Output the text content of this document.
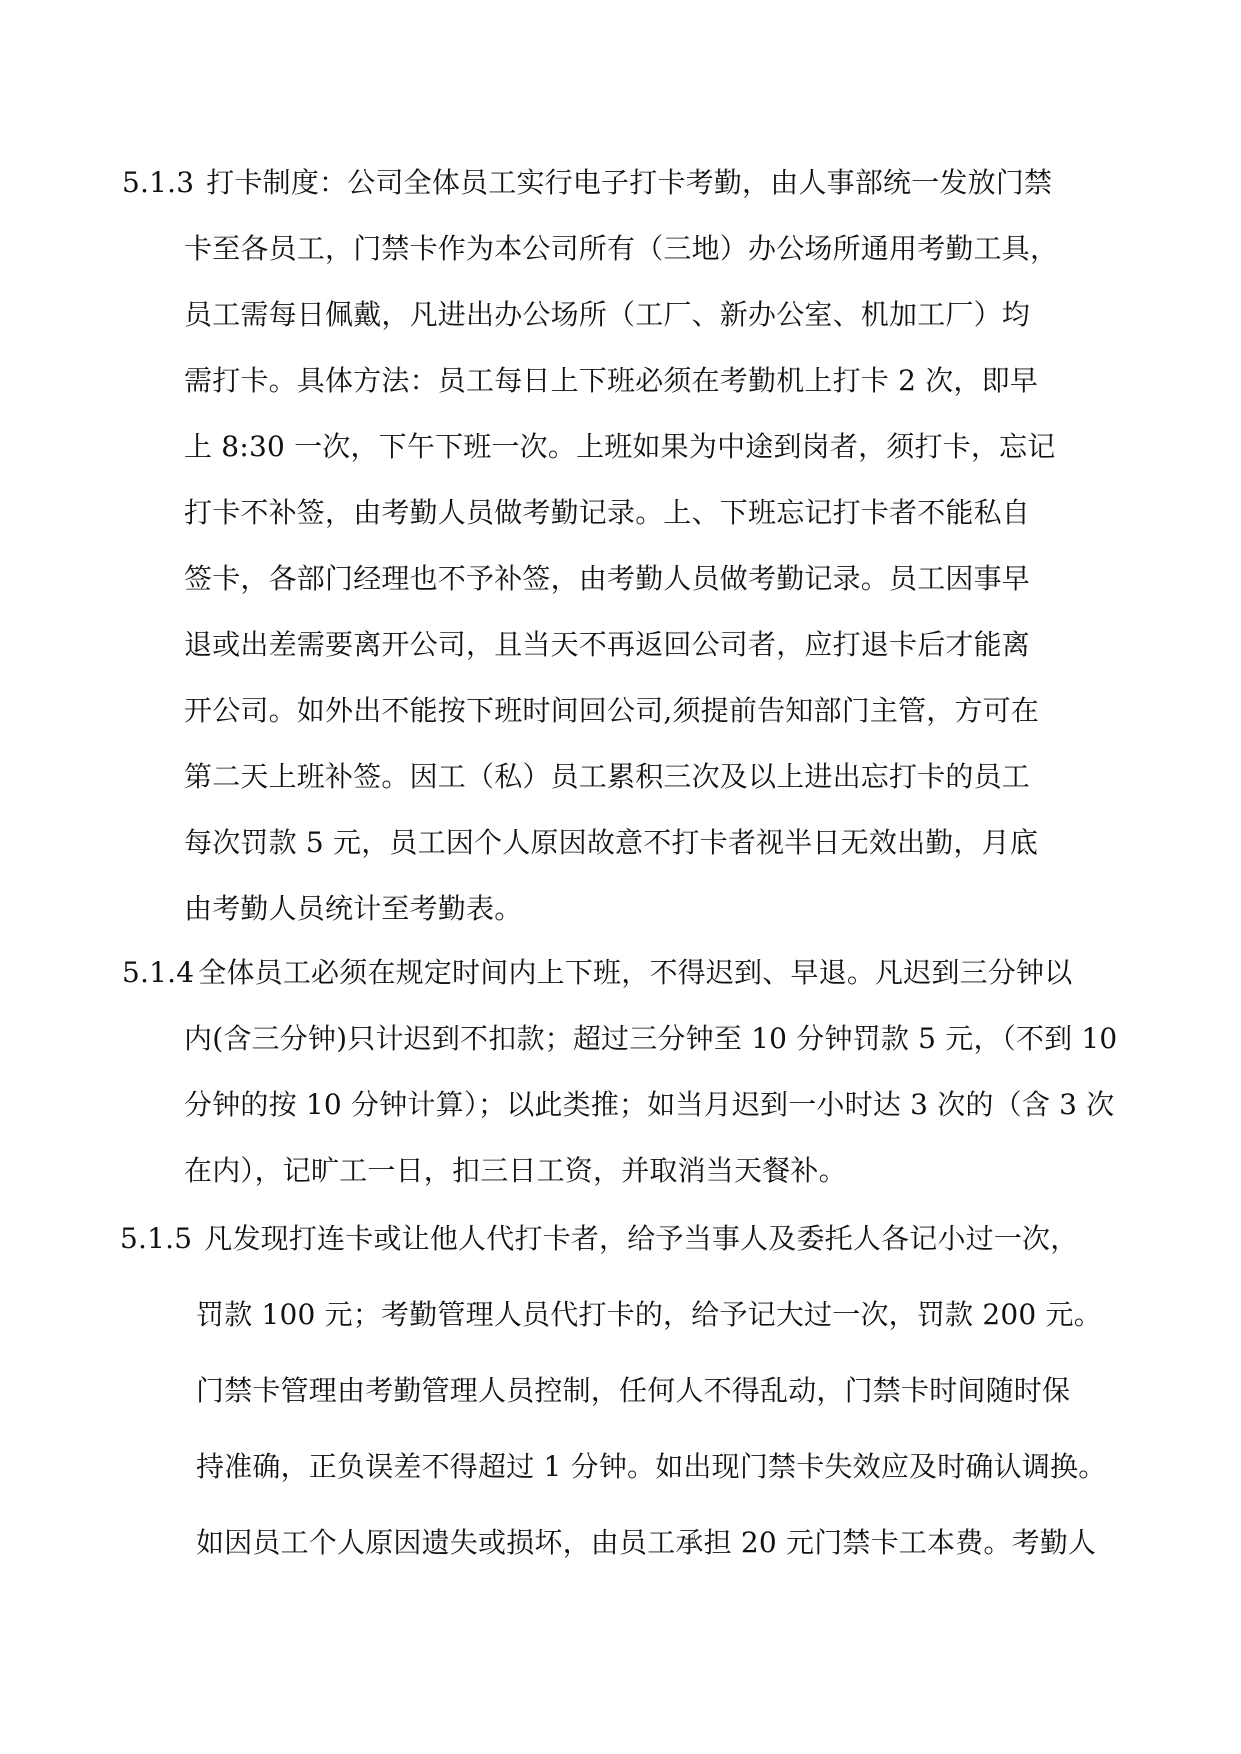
5.1.3 打卡制度：公司全体员工实行电子打卡考勤，由人事部统一发放门禁
卡至各员工，门禁卡作为本公司所有（三地）办公场所通用考勤工具，
员工需每日佩戴，凡进出办公场所（工厂、新办公室、机加工厂）均
需打卡。具体方法：员工每日上下班必须在考勤机上打卡 2 次，即早
上 8:30 一次，下午下班一次。上班如果为中途到岗者，须打卡，忘记
打卡不补签，由考勤人员做考勤记录。上、下班忘记打卡者不能私自
签卡，各部门经理也不予补签，由考勤人员做考勤记录。员工因事早
退或出差需要离开公司，且当天不再返回公司者，应打退卡后才能离
开公司。如外出不能按下班时间回公司,须提前告知部门主管，方可在
第二天上班补签。因工（私）员工累积三次及以上进出忘打卡的员工
每次罚款 5 元，员工因个人原因故意不打卡者视半日无效出勤，月底
由考勤人员统计至考勤表。
5.1.4 全体员工必须在规定时间内上下班，不得迟到、早退。凡迟到三分钟以
内(含三分钟)只计迟到不扣款；超过三分钟至 10 分钟罚款 5 元，（不到 10
分钟的按 10 分钟计算）；以此类推；如当月迟到一小时达 3 次的（含 3 次
在内），记旷工一日，扣三日工资，并取消当天餐补。
5.1.5 凡发现打连卡或让他人代打卡者，给予当事人及委托人各记小过一次，
罚款 100 元；考勤管理人员代打卡的，给予记大过一次，罚款 200 元。
门禁卡管理由考勤管理人员控制，任何人不得乱动，门禁卡时间随时保
持准确，正负误差不得超过 1 分钟。如出现门禁卡失效应及时确认调换。
如因员工个人原因遗失或损坏，由员工承担 20 元门禁卡工本费。考勤人
